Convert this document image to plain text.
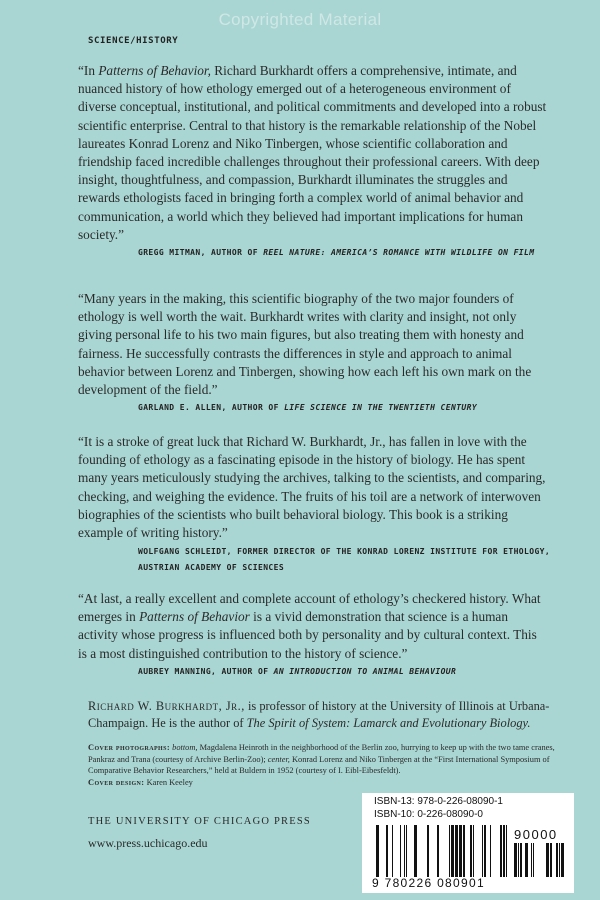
Copyrighted Material
SCIENCE/HISTORY

“In Patterns of Behavior, Richard Burkhardt offers a comprehensive, intimate, and nuanced history of how ethology emerged out of a heterogeneous environment of diverse conceptual, institutional, and political commitments and developed into a robust scientific enterprise. Central to that history is the remarkable relationship of the Nobel laureates Konrad Lorenz and Niko Tinbergen, whose scientific collaboration and friendship faced incredible challenges throughout their professional careers. With deep insight, thoughtfulness, and compassion, Burkhardt illuminates the struggles and rewards ethologists faced in bringing forth a complex world of animal behavior and communication, a world which they believed had important implications for human society.”

GREGG MITMAN, AUTHOR OF REEL NATURE: AMERICA’S ROMANCE WITH WILDLIFE ON FILM

“Many years in the making, this scientific biography of the two major founders of ethology is well worth the wait. Burkhardt writes with clarity and insight, not only giving personal life to his two main figures, but also treating them with honesty and fairness. He successfully contrasts the differences in style and approach to animal behavior between Lorenz and Tinbergen, showing how each left his own mark on the development of the field.”

GARLAND E. ALLEN, AUTHOR OF LIFE SCIENCE IN THE TWENTIETH CENTURY

“It is a stroke of great luck that Richard W. Burkhardt, Jr., has fallen in love with the founding of ethology as a fascinating episode in the history of biology. He has spent many years meticulously studying the archives, talking to the scientists, and comparing, checking, and weighing the evidence. The fruits of his toil are a network of interwoven biographies of the scientists who built behavioral biology. This book is a striking example of writing history.”

WOLFGANG SCHLEIDT, FORMER DIRECTOR OF THE KONRAD LORENZ INSTITUTE FOR ETHOLOGY, AUSTRIAN ACADEMY OF SCIENCES

“At last, a really excellent and complete account of ethology’s checkered history. What emerges in Patterns of Behavior is a vivid demonstration that science is a human activity whose progress is influenced both by personality and by cultural context. This is a most distinguished contribution to the history of science.”

AUBREY MANNING, AUTHOR OF AN INTRODUCTION TO ANIMAL BEHAVIOUR
Richard W. Burkhardt, Jr., is professor of history at the University of Illinois at Urbana-Champaign. He is the author of The Spirit of System: Lamarck and Evolutionary Biology.
Cover photographs: bottom, Magdalena Heinroth in the neighborhood of the Berlin zoo, hurrying to keep up with the two tame cranes, Pankraz and Trana (courtesy of Archive Berlin-Zoo); center, Konrad Lorenz and Niko Tinbergen at the “First International Symposium of Comparative Behavior Researchers,” held at Buldern in 1952 (courtesy of I. Eibl-Eibesfeldt).
Cover design: Karen Keeley
THE UNIVERSITY OF CHICAGO PRESS
www.press.uchicago.edu
ISBN-13: 978-0-226-08090-1
ISBN-10: 0-226-08090-0
90000
9 780226 080901
